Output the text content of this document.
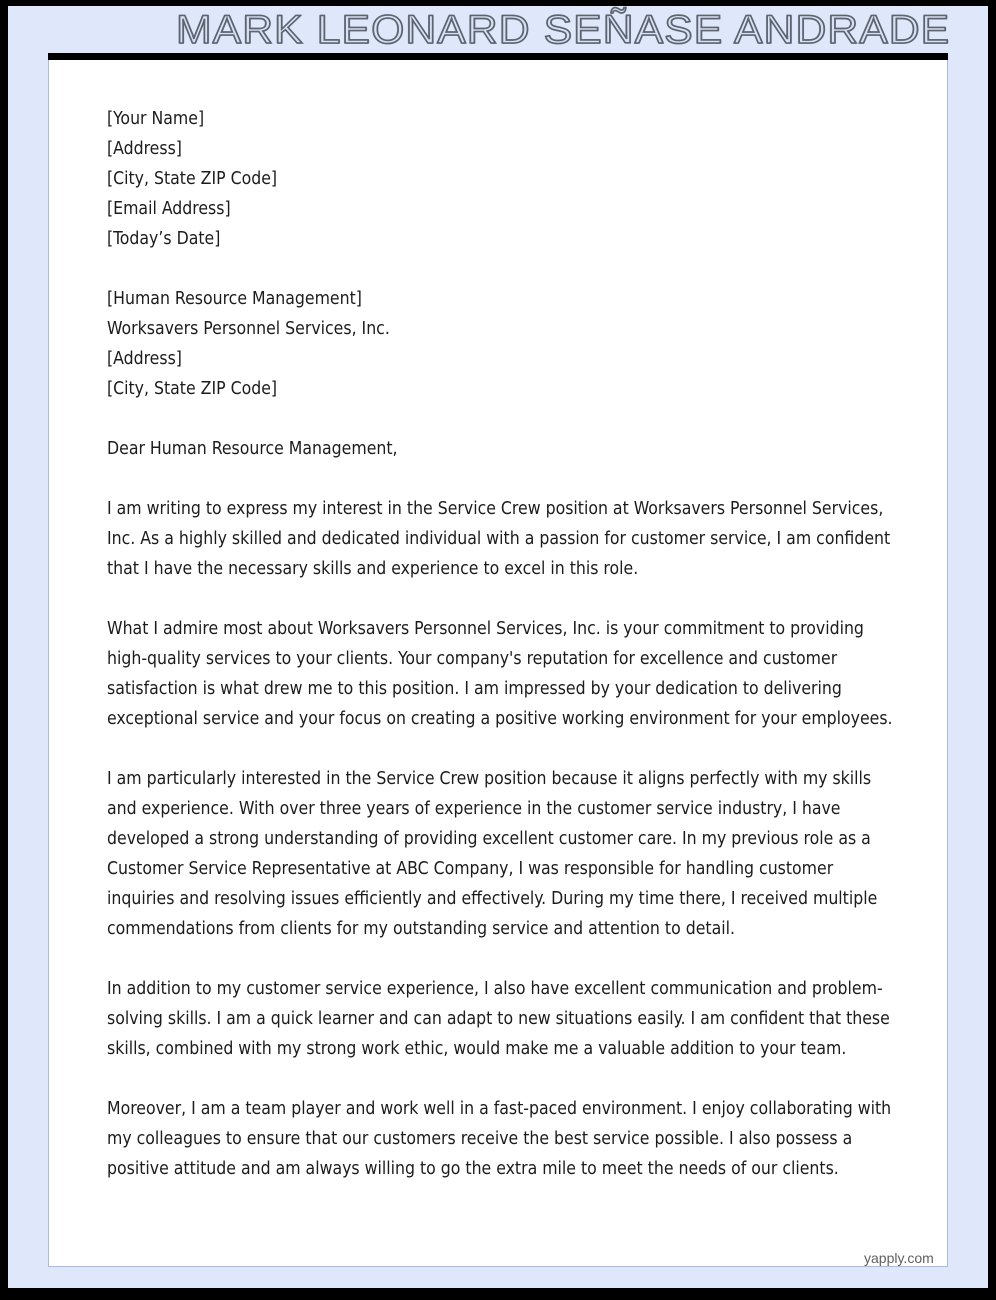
MARK LEONARD SEÑASE ANDRADE
[Your Name]
[Address]
[City, State ZIP Code]
[Email Address]
[Today’s Date]
[Human Resource Management]
Worksavers Personnel Services, Inc.
[Address]
[City, State ZIP Code]

Dear Human Resource Management,

I am writing to express my interest in the Service Crew position at Worksavers Personnel Services, Inc. As a highly skilled and dedicated individual with a passion for customer service, I am confident that I have the necessary skills and experience to excel in this role.

What I admire most about Worksavers Personnel Services, Inc. is your commitment to providing high-quality services to your clients. Your company's reputation for excellence and customer satisfaction is what drew me to this position. I am impressed by your dedication to delivering exceptional service and your focus on creating a positive working environment for your employees.

I am particularly interested in the Service Crew position because it aligns perfectly with my skills and experience. With over three years of experience in the customer service industry, I have developed a strong understanding of providing excellent customer care. In my previous role as a Customer Service Representative at ABC Company, I was responsible for handling customer inquiries and resolving issues efficiently and effectively. During my time there, I received multiple commendations from clients for my outstanding service and attention to detail.

In addition to my customer service experience, I also have excellent communication and problem-solving skills. I am a quick learner and can adapt to new situations easily. I am confident that these skills, combined with my strong work ethic, would make me a valuable addition to your team.

Moreover, I am a team player and work well in a fast-paced environment. I enjoy collaborating with my colleagues to ensure that our customers receive the best service possible. I also possess a positive attitude and am always willing to go the extra mile to meet the needs of our clients.

yapply.com
